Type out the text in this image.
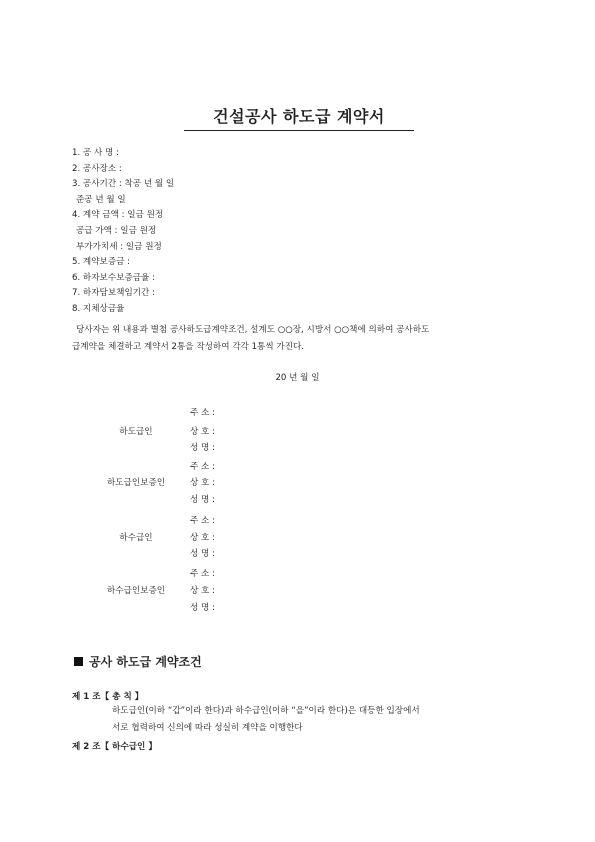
건설공사 하도급 계약서
1. 공 사 명 :
2. 공사장소 :
3. 공사기간 : 착공 년 월 일
준공 년 월 일
4. 계약 금액 : 일금 원정
공급 가액 : 일금 원정
부가가치세 : 일금 원정
5. 계약보증금 :
6. 하자보수보증금율 :
7. 하자담보책임기간 :
8. 지체상금율
당사자는 위 내용과 별첨 공사하도급계약조건, 설계도 ○○장, 시방서 ○○책에 의하여 공사하도
급계약을 체결하고 계약서 2통을 작성하여 각각 1통씩 가진다.
20 년 월 일
주 소 :
하도급인	상 호 :
성 명 :
주 소 :
하도급인보증인	상 호 :
성 명 :
주 소 :
하수급인	상 호 :
성 명 :
주 소 :
하수급인보증인	상 호 :
성 명 :
공사 하도급 계약조건
제 1 조【 총 칙 】
하도급인(이하 “갑”이라 한다)과 하수급인(이하 “을”이라 한다)은 대등한 입장에서
서로 협력하여 신의에 따라 성실히 계약을 이행한다
제 2 조【 하수급인 】
